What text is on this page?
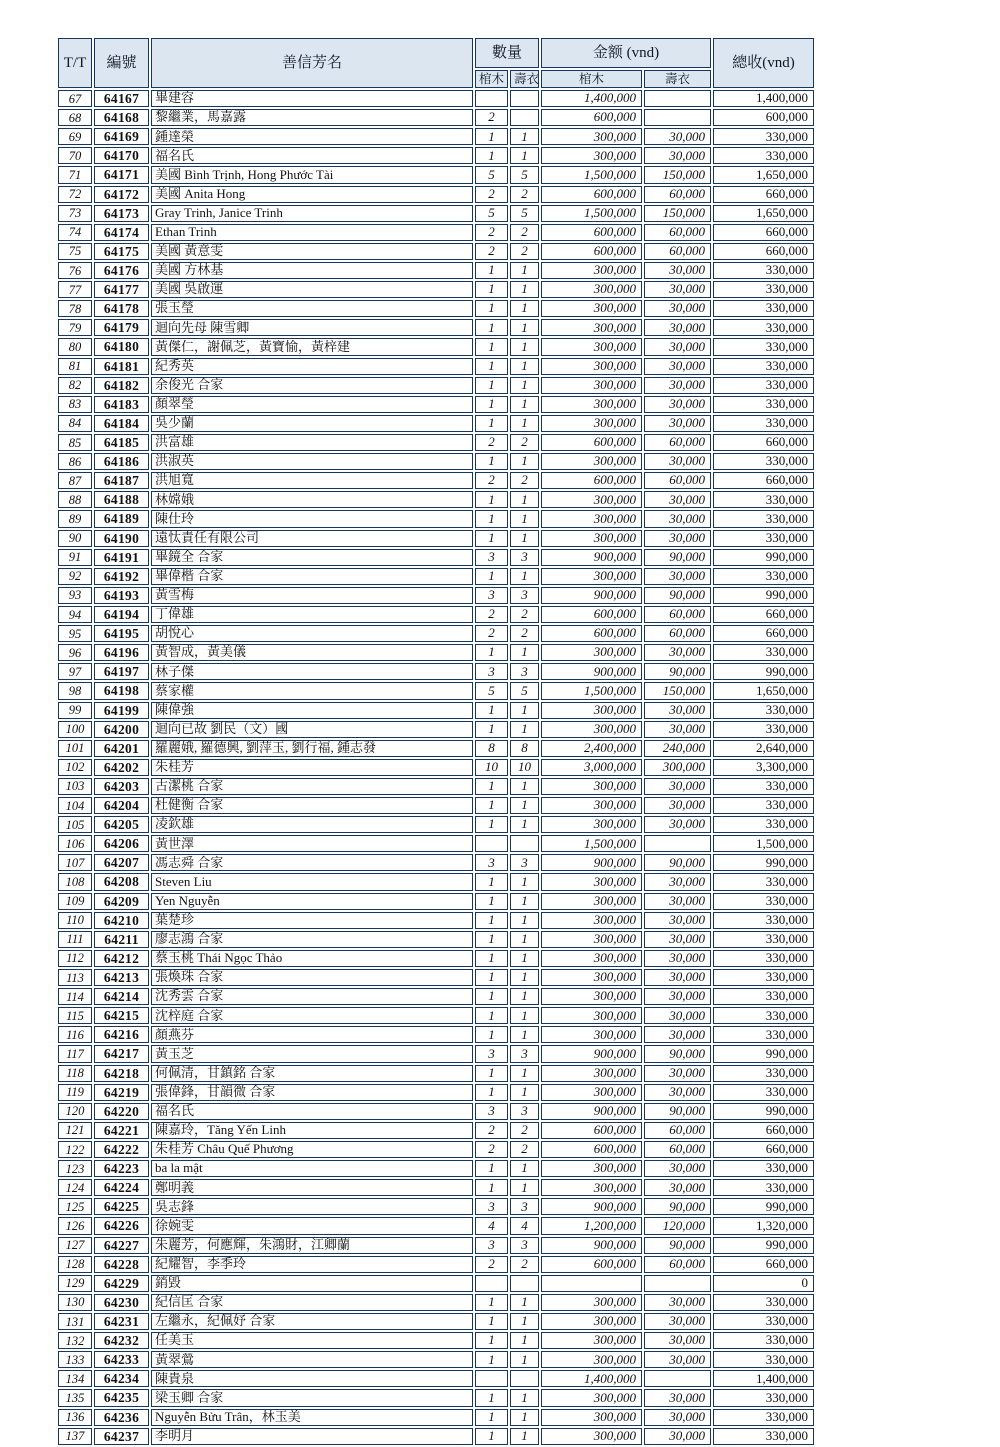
T/T	編號	善信芳名	數量		金额 (vnd)		總收(vnd)
			棺木	壽衣	棺木	壽衣	
67	64167	畢建容			1,400,000		1,400,000
68	64168	黎繼業，馬嘉露	2		600,000		600,000
69	64169	鍾達榮	1	1	300,000	30,000	330,000
70	64170	福名氏	1	1	300,000	30,000	330,000
71	64171	美國 Bình Trịnh, Hong Phước Tài	5	5	1,500,000	150,000	1,650,000
72	64172	美國 Anita Hong	2	2	600,000	60,000	660,000
73	64173	Gray Trinh, Janice Trinh	5	5	1,500,000	150,000	1,650,000
74	64174	Ethan Trinh	2	2	600,000	60,000	660,000
75	64175	美國 黃意雯	2	2	600,000	60,000	660,000
76	64176	美國 方林基	1	1	300,000	30,000	330,000
77	64177	美國 吳啟運	1	1	300,000	30,000	330,000
78	64178	張玉瑩	1	1	300,000	30,000	330,000
79	64179	迴向先母 陳雪卿	1	1	300,000	30,000	330,000
80	64180	黃傑仁，謝佩芝，黃寶愉，黃梓建	1	1	300,000	30,000	330,000
81	64181	紀秀英	1	1	300,000	30,000	330,000
82	64182	余俊光 合家	1	1	300,000	30,000	330,000
83	64183	顏翠瑩	1	1	300,000	30,000	330,000
84	64184	吳少蘭	1	1	300,000	30,000	330,000
85	64185	洪富雄	2	2	600,000	60,000	660,000
86	64186	洪淑英	1	1	300,000	30,000	330,000
87	64187	洪旭寬	2	2	600,000	60,000	660,000
88	64188	林嫦娥	1	1	300,000	30,000	330,000
89	64189	陳仕玲	1	1	300,000	30,000	330,000
90	64190	遠忲責任有限公司	1	1	300,000	30,000	330,000
91	64191	畢鏡全 合家	3	3	900,000	90,000	990,000
92	64192	畢偉楷 合家	1	1	300,000	30,000	330,000
93	64193	黃雪梅	3	3	900,000	90,000	990,000
94	64194	丁偉雄	2	2	600,000	60,000	660,000
95	64195	胡悅心	2	2	600,000	60,000	660,000
96	64196	黃智成，黃美儀	1	1	300,000	30,000	330,000
97	64197	林子傑	3	3	900,000	90,000	990,000
98	64198	蔡家權	5	5	1,500,000	150,000	1,650,000
99	64199	陳偉強	1	1	300,000	30,000	330,000
100	64200	迴向已故 劉民（文）國	1	1	300,000	30,000	330,000
101	64201	羅麗娥, 羅德興, 劉萍玉, 劉行福, 鍾志發	8	8	2,400,000	240,000	2,640,000
102	64202	朱桂芳	10	10	3,000,000	300,000	3,300,000
103	64203	古潔桃 合家	1	1	300,000	30,000	330,000
104	64204	杜健衡 合家	1	1	300,000	30,000	330,000
105	64205	凌欽雄	1	1	300,000	30,000	330,000
106	64206	黃世澤			1,500,000		1,500,000
107	64207	馮志舜 合家	3	3	900,000	90,000	990,000
108	64208	Steven Liu	1	1	300,000	30,000	330,000
109	64209	Yen Nguyễn	1	1	300,000	30,000	330,000
110	64210	葉楚珍	1	1	300,000	30,000	330,000
111	64211	廖志鴻 合家	1	1	300,000	30,000	330,000
112	64212	蔡玉桃 Thái Ngọc Thảo	1	1	300,000	30,000	330,000
113	64213	張煥珠 合家	1	1	300,000	30,000	330,000
114	64214	沈秀雲 合家	1	1	300,000	30,000	330,000
115	64215	沈梓庭 合家	1	1	300,000	30,000	330,000
116	64216	顏燕芬	1	1	300,000	30,000	330,000
117	64217	黃玉芝	3	3	900,000	90,000	990,000
118	64218	何佩清，甘鎮銘 合家	1	1	300,000	30,000	330,000
119	64219	張偉鋒，甘韻微 合家	1	1	300,000	30,000	330,000
120	64220	福名氏	3	3	900,000	90,000	990,000
121	64221	陳嘉玲，Tăng Yến Linh	2	2	600,000	60,000	660,000
122	64222	朱桂芳 Châu Quế Phương	2	2	600,000	60,000	660,000
123	64223	ba la mật	1	1	300,000	30,000	330,000
124	64224	鄭明義	1	1	300,000	30,000	330,000
125	64225	吳志鋒	3	3	900,000	90,000	990,000
126	64226	徐婉雯	4	4	1,200,000	120,000	1,320,000
127	64227	朱麗芳，何應輝，朱鴻財，江卿蘭	3	3	900,000	90,000	990,000
128	64228	紀耀智，李季玲	2	2	600,000	60,000	660,000
129	64229	銷毀					0
130	64230	紀信匡 合家	1	1	300,000	30,000	330,000
131	64231	左繼永，紀佩妤 合家	1	1	300,000	30,000	330,000
132	64232	任美玉	1	1	300,000	30,000	330,000
133	64233	黃翠鶯	1	1	300,000	30,000	330,000
134	64234	陳貴泉			1,400,000		1,400,000
135	64235	梁玉卿 合家	1	1	300,000	30,000	330,000
136	64236	Nguyễn Bửu Trân，林玉美	1	1	300,000	30,000	330,000
137	64237	李明月	1	1	300,000	30,000	330,000
